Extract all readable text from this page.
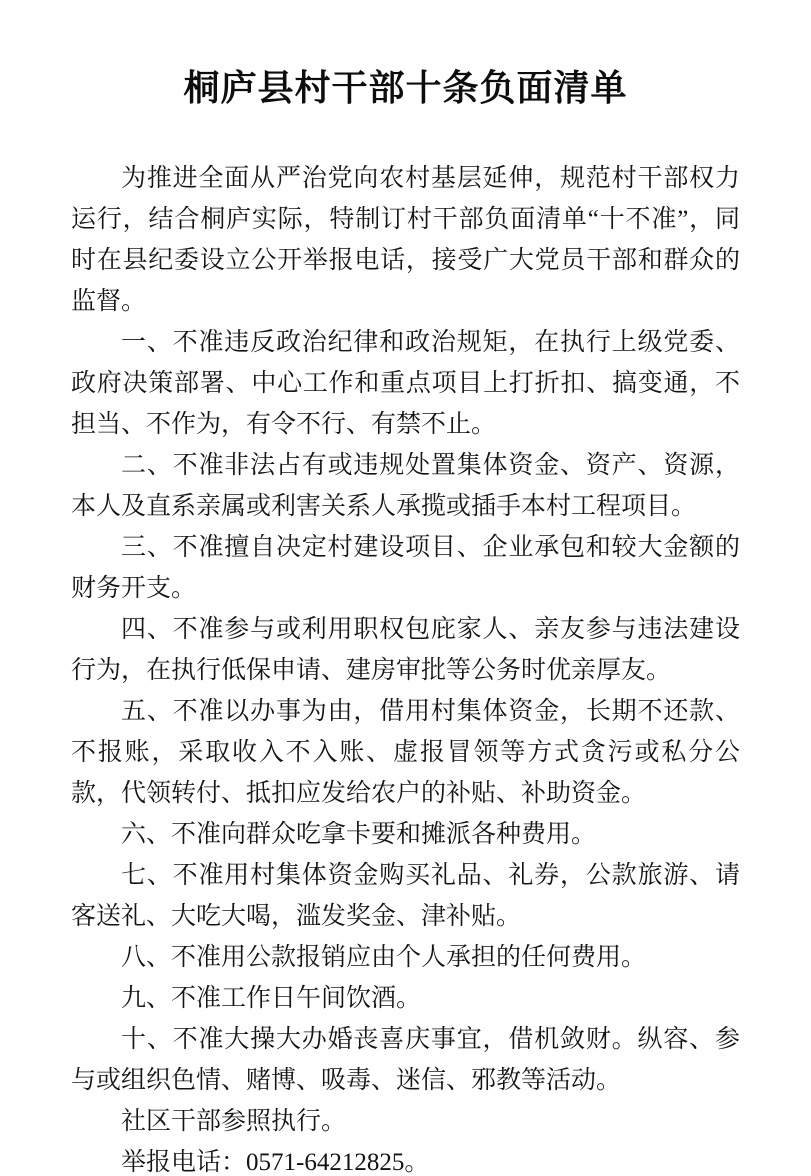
桐庐县村干部十条负面清单

为推进全面从严治党向农村基层延伸，规范村干部权力运行，结合桐庐实际，特制订村干部负面清单“十不准”，同时在县纪委设立公开举报电话，接受广大党员干部和群众的监督。

一、不准违反政治纪律和政治规矩，在执行上级党委、政府决策部署、中心工作和重点项目上打折扣、搞变通，不担当、不作为，有令不行、有禁不止。

二、不准非法占有或违规处置集体资金、资产、资源，本人及直系亲属或利害关系人承揽或插手本村工程项目。

三、不准擅自决定村建设项目、企业承包和较大金额的财务开支。

四、不准参与或利用职权包庇家人、亲友参与违法建设行为，在执行低保申请、建房审批等公务时优亲厚友。

五、不准以办事为由，借用村集体资金，长期不还款、不报账，采取收入不入账、虚报冒领等方式贪污或私分公款，代领转付、抵扣应发给农户的补贴、补助资金。

六、不准向群众吃拿卡要和摊派各种费用。

七、不准用村集体资金购买礼品、礼券，公款旅游、请客送礼、大吃大喝，滥发奖金、津补贴。

八、不准用公款报销应由个人承担的任何费用。

九、不准工作日午间饮酒。

十、不准大操大办婚丧喜庆事宜，借机敛财。纵容、参与或组织色情、赌博、吸毒、迷信、邪教等活动。

社区干部参照执行。

举报电话：0571-64212825。
